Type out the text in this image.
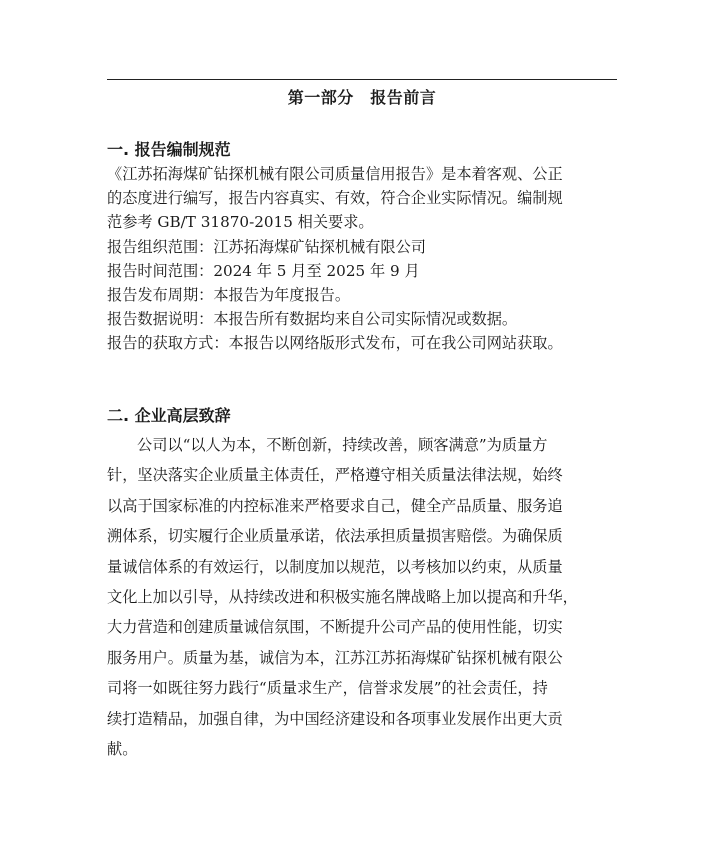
第一部分　报告前言
一. 报告编制规范
《江苏拓海煤矿钻探机械有限公司质量信用报告》是本着客观、公正
的态度进行编写，报告内容真实、有效，符合企业实际情况。编制规
范参考 GB/T 31870-2015 相关要求。
报告组织范围：江苏拓海煤矿钻探机械有限公司
报告时间范围：2024 年 5 月至 2025 年 9 月
报告发布周期：本报告为年度报告。
报告数据说明：本报告所有数据均来自公司实际情况或数据。
报告的获取方式：本报告以网络版形式发布，可在我公司网站获取。
二. 企业高层致辞
公司以“以人为本，不断创新，持续改善，顾客满意”为质量方
针，坚决落实企业质量主体责任，严格遵守相关质量法律法规，始终
以高于国家标准的内控标准来严格要求自己，健全产品质量、服务追
溯体系，切实履行企业质量承诺，依法承担质量损害赔偿。为确保质
量诚信体系的有效运行，以制度加以规范，以考核加以约束，从质量
文化上加以引导，从持续改进和积极实施名牌战略上加以提高和升华，
大力营造和创建质量诚信氛围，不断提升公司产品的使用性能，切实
服务用户。质量为基，诚信为本，江苏江苏拓海煤矿钻探机械有限公
司将一如既往努力践行“质量求生产，信誉求发展”的社会责任，持
续打造精品，加强自律，为中国经济建设和各项事业发展作出更大贡
献。
